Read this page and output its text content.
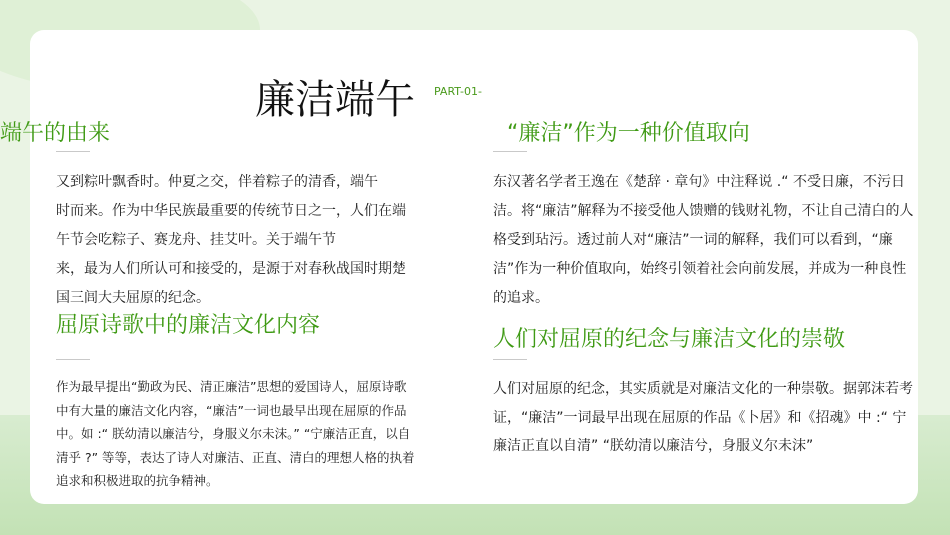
廉洁端午 PART-01-
端午的由来	“廉洁”作为一种价值取向
又到粽叶飘香时。仲夏之交，伴着粽子的清香，端午
时而来。作为中华民族最重要的传统节日之一，人们在端
午节会吃粽子、赛龙舟、挂艾叶。关于端午节
来，最为人们所认可和接受的，是源于对春秋战国时期楚
国三闾大夫屈原的纪念。
东汉著名学者王逸在《楚辞 · 章句》中注释说 .“ 不受日廉，不污日洁。将“廉洁”解释为不接受他人馈赠的钱财礼物，不让自己清白的人格受到玷污。透过前人对“廉洁”一词的解释，我们可以看到，“廉洁”作为一种价值取向，始终引领着社会向前发展，并成为一种良性的追求。
屈原诗歌中的廉洁文化内容
作为最早提出“勤政为民、清正廉洁”思想的爱国诗人，屈原诗歌
中有大量的廉洁文化内容，“廉洁”一词也最早出现在屈原的作品
中。如 :“ 朕幼清以廉洁兮，身服义尔未沫。” “宁廉洁正直，以自
清乎 ?” 等等，表达了诗人对廉洁、正直、清白的理想人格的执着
追求和积极进取的抗争精神。
人们对屈原的纪念与廉洁文化的崇敬
人们对屈原的纪念，其实质就是对廉洁文化的一种崇敬。据郭沫若考证，“廉洁”一词最早出现在屈原的作品《卜居》和《招魂》中 :“ 宁廉洁正直以自清” “朕幼清以廉洁兮，身服义尔未沫”
